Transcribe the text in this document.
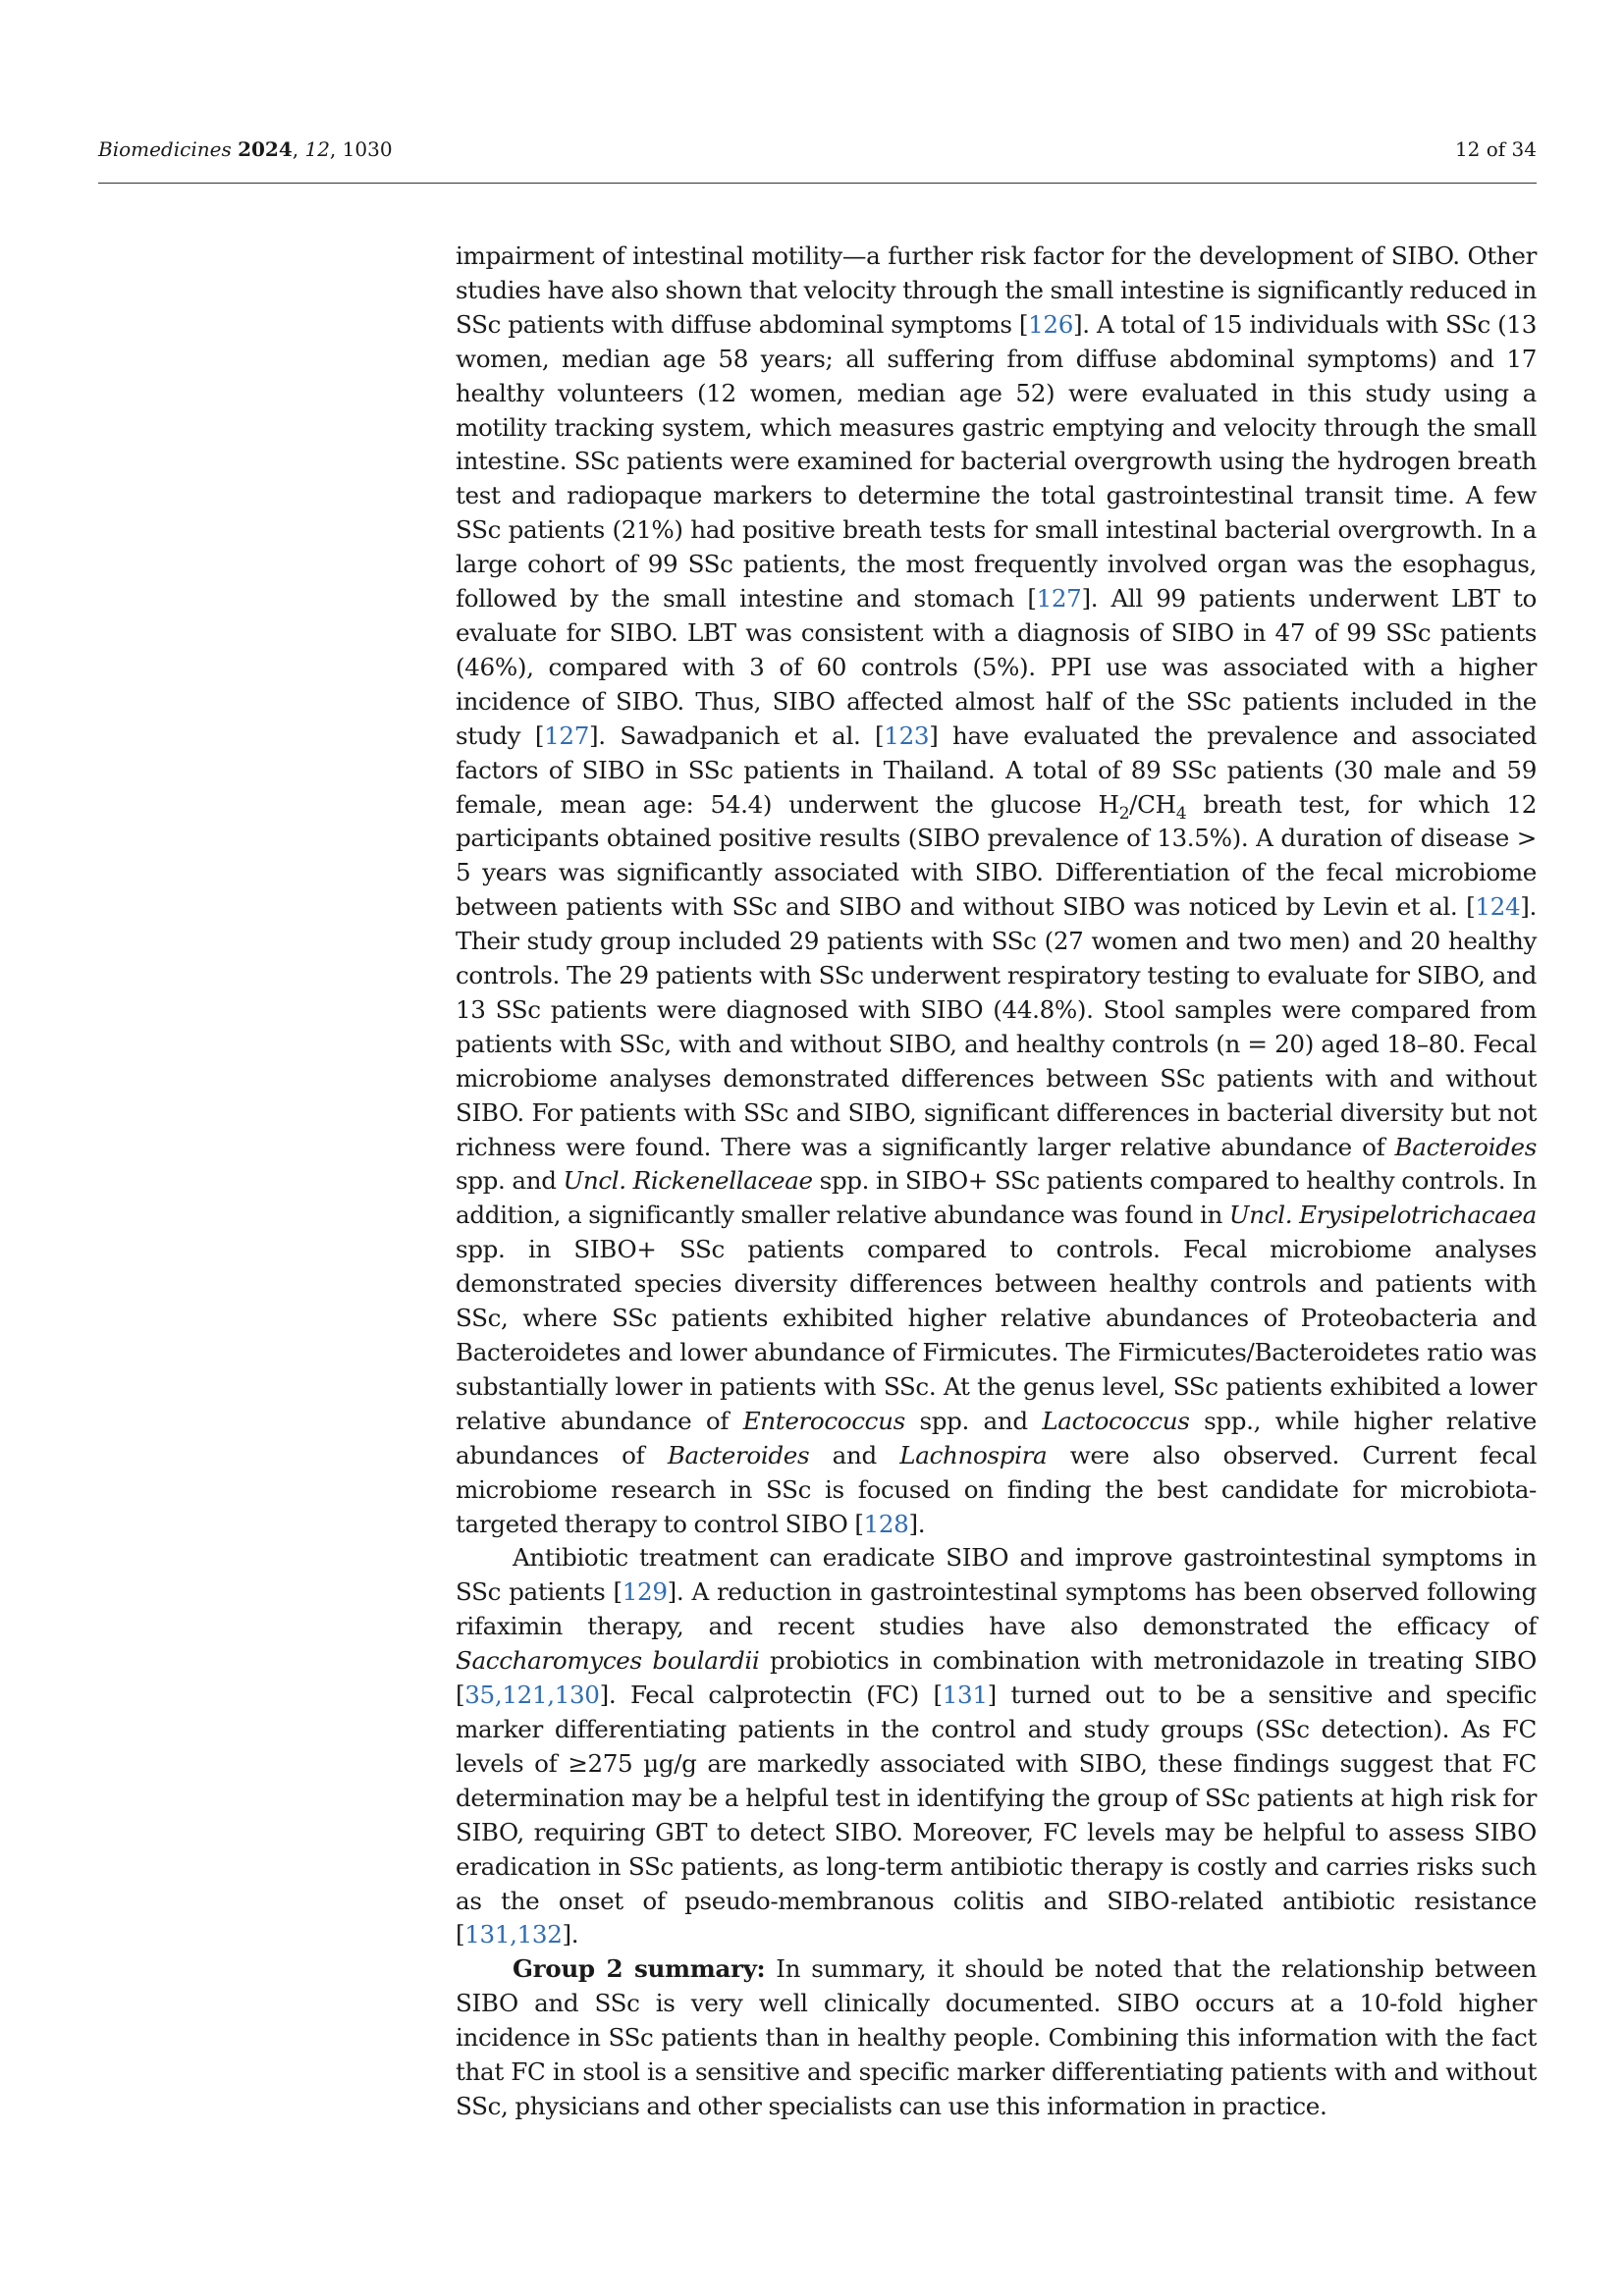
Biomedicines 2024, 12, 1030	12 of 34

impairment of intestinal motility—a further risk factor for the development of SIBO. Other studies have also shown that velocity through the small intestine is significantly reduced in SSc patients with diffuse abdominal symptoms [126]. A total of 15 individuals with SSc (13 women, median age 58 years; all suffering from diffuse abdominal symptoms) and 17 healthy volunteers (12 women, median age 52) were evaluated in this study using a motility tracking system, which measures gastric emptying and velocity through the small intestine. SSc patients were examined for bacterial overgrowth using the hydrogen breath test and radiopaque markers to determine the total gastrointestinal transit time. A few SSc patients (21%) had positive breath tests for small intestinal bacterial overgrowth. In a large cohort of 99 SSc patients, the most frequently involved organ was the esophagus, followed by the small intestine and stomach [127]. All 99 patients underwent LBT to evaluate for SIBO. LBT was consistent with a diagnosis of SIBO in 47 of 99 SSc patients (46%), compared with 3 of 60 controls (5%). PPI use was associated with a higher incidence of SIBO. Thus, SIBO affected almost half of the SSc patients included in the study [127]. Sawadpanich et al. [123] have evaluated the prevalence and associated factors of SIBO in SSc patients in Thailand. A total of 89 SSc patients (30 male and 59 female, mean age: 54.4) underwent the glucose $H_2/CH_4$ breath test, for which 12 participants obtained positive results (SIBO prevalence of 13.5%). A duration of disease > 5 years was significantly associated with SIBO. Differentiation of the fecal microbiome between patients with SSc and SIBO and without SIBO was noticed by Levin et al. [124]. Their study group included 29 patients with SSc (27 women and two men) and 20 healthy controls. The 29 patients with SSc underwent respiratory testing to evaluate for SIBO, and 13 SSc patients were diagnosed with SIBO (44.8%). Stool samples were compared from patients with SSc, with and without SIBO, and healthy controls (n = 20) aged 18–80. Fecal microbiome analyses demonstrated differences between SSc patients with and without SIBO. For patients with SSc and SIBO, significant differences in bacterial diversity but not richness were found. There was a significantly larger relative abundance of Bacteroides spp. and Uncl. Rickenellaceae spp. in SIBO+ SSc patients compared to healthy controls. In addition, a significantly smaller relative abundance was found in Uncl. Erysipelotrichacaea spp. in SIBO+ SSc patients compared to controls. Fecal microbiome analyses demonstrated species diversity differences between healthy controls and patients with SSc, where SSc patients exhibited higher relative abundances of Proteobacteria and Bacteroidetes and lower abundance of Firmicutes. The Firmicutes/Bacteroidetes ratio was substantially lower in patients with SSc. At the genus level, SSc patients exhibited a lower relative abundance of Enterococcus spp. and Lactococcus spp., while higher relative abundances of Bacteroides and Lachnospira were also observed. Current fecal microbiome research in SSc is focused on finding the best candidate for microbiota-targeted therapy to control SIBO [128].

Antibiotic treatment can eradicate SIBO and improve gastrointestinal symptoms in SSc patients [129]. A reduction in gastrointestinal symptoms has been observed following rifaximin therapy, and recent studies have also demonstrated the efficacy of Saccharomyces boulardii probiotics in combination with metronidazole in treating SIBO [35,121,130]. Fecal calprotectin (FC) [131] turned out to be a sensitive and specific marker differentiating patients in the control and study groups (SSc detection). As FC levels of ≥275 µg/g are markedly associated with SIBO, these findings suggest that FC determination may be a helpful test in identifying the group of SSc patients at high risk for SIBO, requiring GBT to detect SIBO. Moreover, FC levels may be helpful to assess SIBO eradication in SSc patients, as long-term antibiotic therapy is costly and carries risks such as the onset of pseudo-membranous colitis and SIBO-related antibiotic resistance [131,132].

Group 2 summary: In summary, it should be noted that the relationship between SIBO and SSc is very well clinically documented. SIBO occurs at a 10-fold higher incidence in SSc patients than in healthy people. Combining this information with the fact that FC in stool is a sensitive and specific marker differentiating patients with and without SSc, physicians and other specialists can use this information in practice.
